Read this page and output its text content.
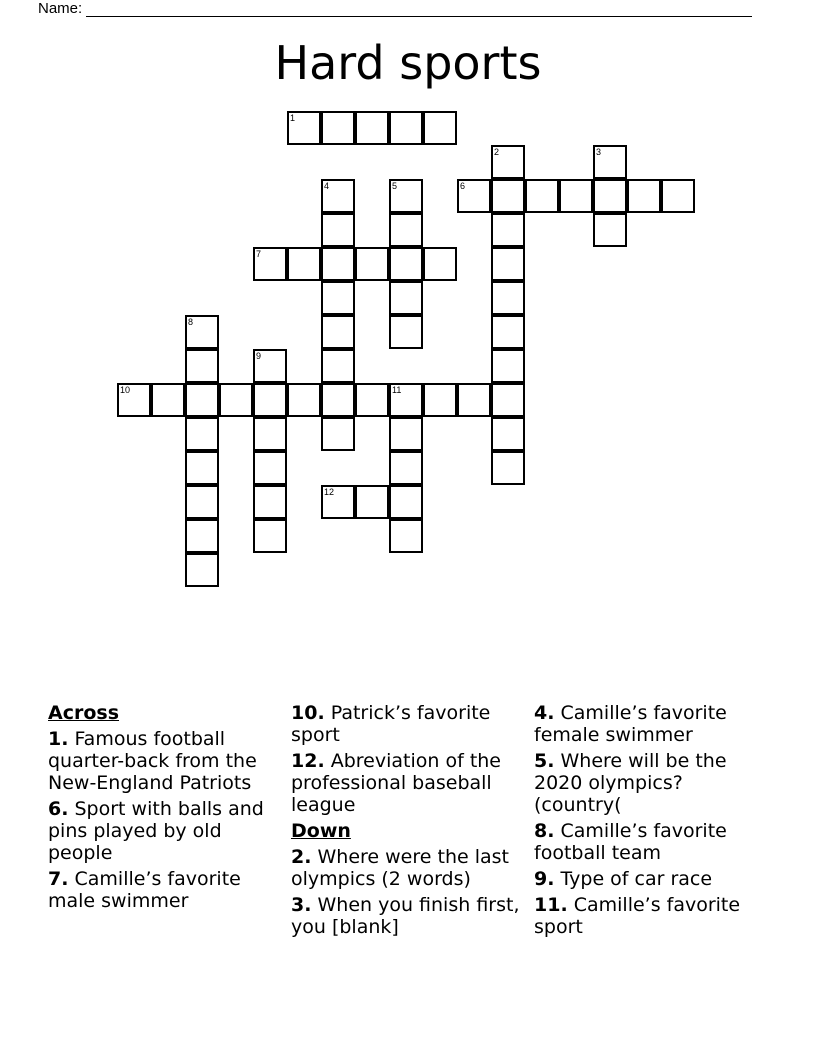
Name:
Hard sports
1
2	3
4	5	6
7
8
9
10	11
12
Across
1. Famous football quarter-back from the New-England Patriots
6. Sport with balls and pins played by old people
7. Camille’s favorite male swimmer
10. Patrick’s favorite sport
12. Abreviation of the professional baseball league
Down
2. Where were the last olympics (2 words)
3. When you finish first, you [blank]
4. Camille’s favorite female swimmer
5. Where will be the 2020 olympics? (country(
8. Camille’s favorite football team
9. Type of car race
11. Camille’s favorite sport
